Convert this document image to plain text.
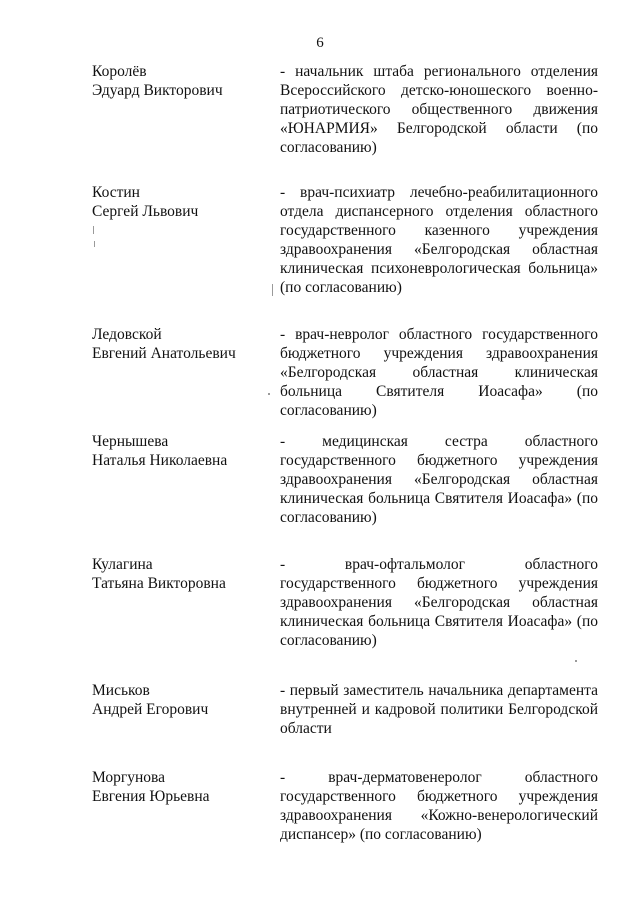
6
Королёв
Эдуард Викторович
- начальник штаба регионального отделения Всероссийского детско-юношеского военно-патриотического общественного движения «ЮНАРМИЯ» Белгородской области (по согласованию)
Костин
Сергей Львович
- врач-психиатр лечебно-реабилитационного отдела диспансерного отделения областного государственного казенного учреждения здравоохранения «Белгородская областная клиническая психоневрологическая больница» (по согласованию)
Ледовской
Евгений Анатольевич
- врач-невролог областного государственного бюджетного учреждения здравоохранения «Белгородская областная клиническая больница Святителя Иоасафа» (по согласованию)
Чернышева
Наталья Николаевна
- медицинская сестра областного государственного бюджетного учреждения здравоохранения «Белгородская областная клиническая больница Святителя Иоасафа» (по согласованию)
Кулагина
Татьяна Викторовна
- врач-офтальмолог областного государственного бюджетного учреждения здравоохранения «Белгородская областная клиническая больница Святителя Иоасафа» (по согласованию)
Миськов
Андрей Егорович
- первый заместитель начальника департамента внутренней и кадровой политики Белгородской области
Моргунова
Евгения Юрьевна
- врач-дерматовенеролог областного государственного бюджетного учреждения здравоохранения «Кожно-венерологический диспансер» (по согласованию)
